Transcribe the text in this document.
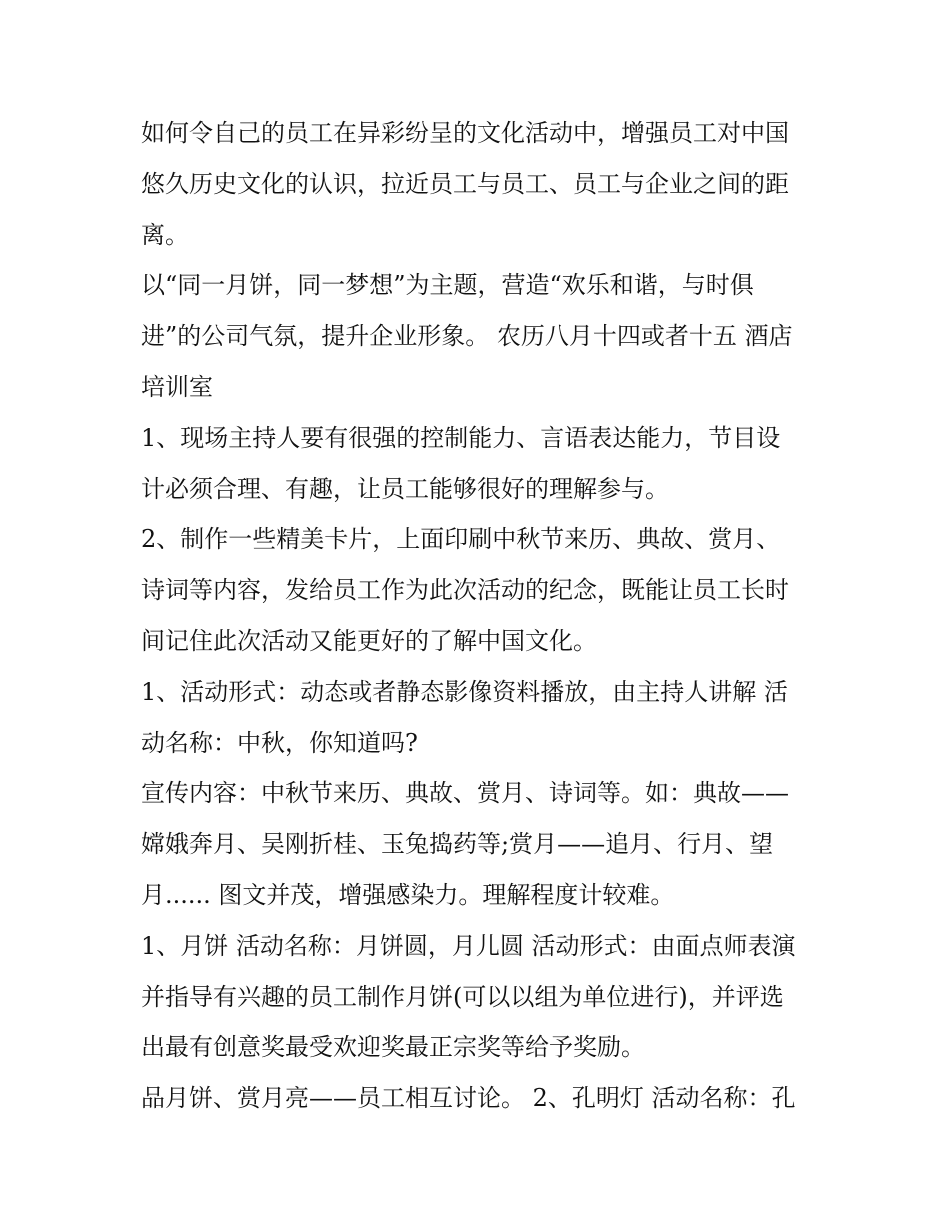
如何令自己的员工在异彩纷呈的文化活动中，增强员工对中国
悠久历史文化的认识，拉近员工与员工、员工与企业之间的距
离。
以“同一月饼，同一梦想”为主题，营造“欢乐和谐，与时俱
进”的公司气氛，提升企业形象。 农历八月十四或者十五 酒店
培训室
1、现场主持人要有很强的控制能力、言语表达能力，节目设
计必须合理、有趣，让员工能够很好的理解参与。
2、制作一些精美卡片，上面印刷中秋节来历、典故、赏月、
诗词等内容，发给员工作为此次活动的纪念，既能让员工长时
间记住此次活动又能更好的了解中国文化。
1、活动形式：动态或者静态影像资料播放，由主持人讲解 活
动名称：中秋，你知道吗?
宣传内容：中秋节来历、典故、赏月、诗词等。如：典故——
嫦娥奔月、吴刚折桂、玉兔捣药等;赏月——追月、行月、望
月...... 图文并茂，增强感染力。理解程度计较难。
1、月饼 活动名称：月饼圆，月儿圆 活动形式：由面点师表演
并指导有兴趣的员工制作月饼(可以以组为单位进行)，并评选
出最有创意奖最受欢迎奖最正宗奖等给予奖励。
品月饼、赏月亮——员工相互讨论。 2、孔明灯 活动名称：孔
